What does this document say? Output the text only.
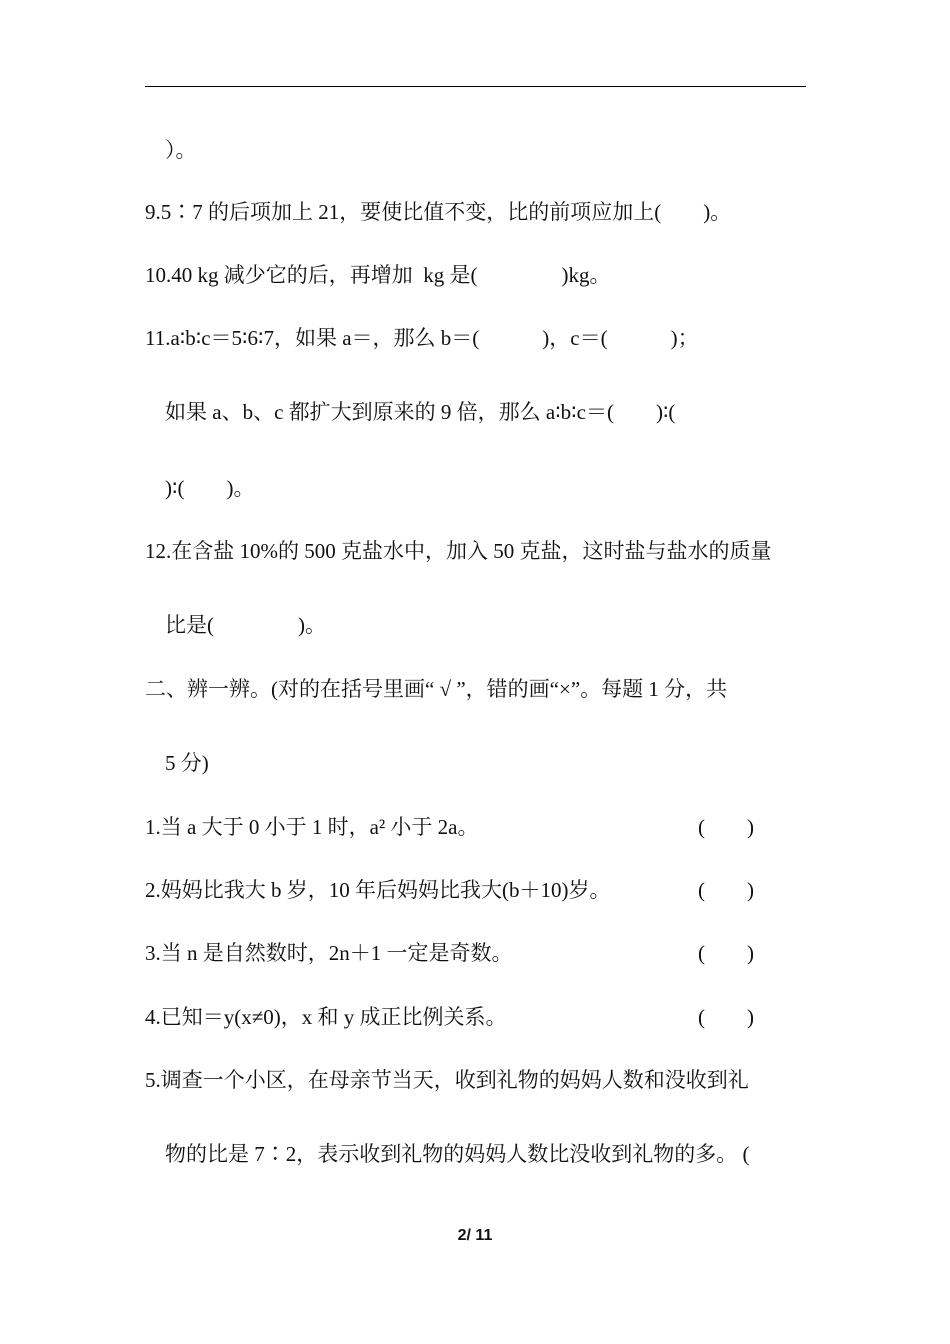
）。
9.5∶7 的后项加上 21，要使比值不变，比的前项应加上(　　)。
10.40 kg 减少它的后，再增加  kg 是(　　　　)kg。
11.a∶b∶c＝5∶6∶7，如果 a＝，那么 b＝(　　　)，c＝(　　　)；
如果 a、b、c 都扩大到原来的 9 倍，那么 a∶b∶c＝(　　)∶(
)∶(　　)。
12.在含盐 10%的 500 克盐水中，加入 50 克盐，这时盐与盐水的质量
比是(　　　　)。
二、辨一辨。(对的在括号里画“ √ ”，错的画“×”。每题 1 分，共
5 分)
1.当 a 大于 0 小于 1 时，a² 小于 2a。	(　　)
2.妈妈比我大 b 岁，10 年后妈妈比我大(b＋10)岁。	(　　)
3.当 n 是自然数时，2n＋1 一定是奇数。	(　　)
4.已知＝y(x≠0)，x 和 y 成正比例关系。	(　　)
5.调查一个小区，在母亲节当天，收到礼物的妈妈人数和没收到礼
物的比是 7∶2，表示收到礼物的妈妈人数比没收到礼物的多。 (
2/ 11
